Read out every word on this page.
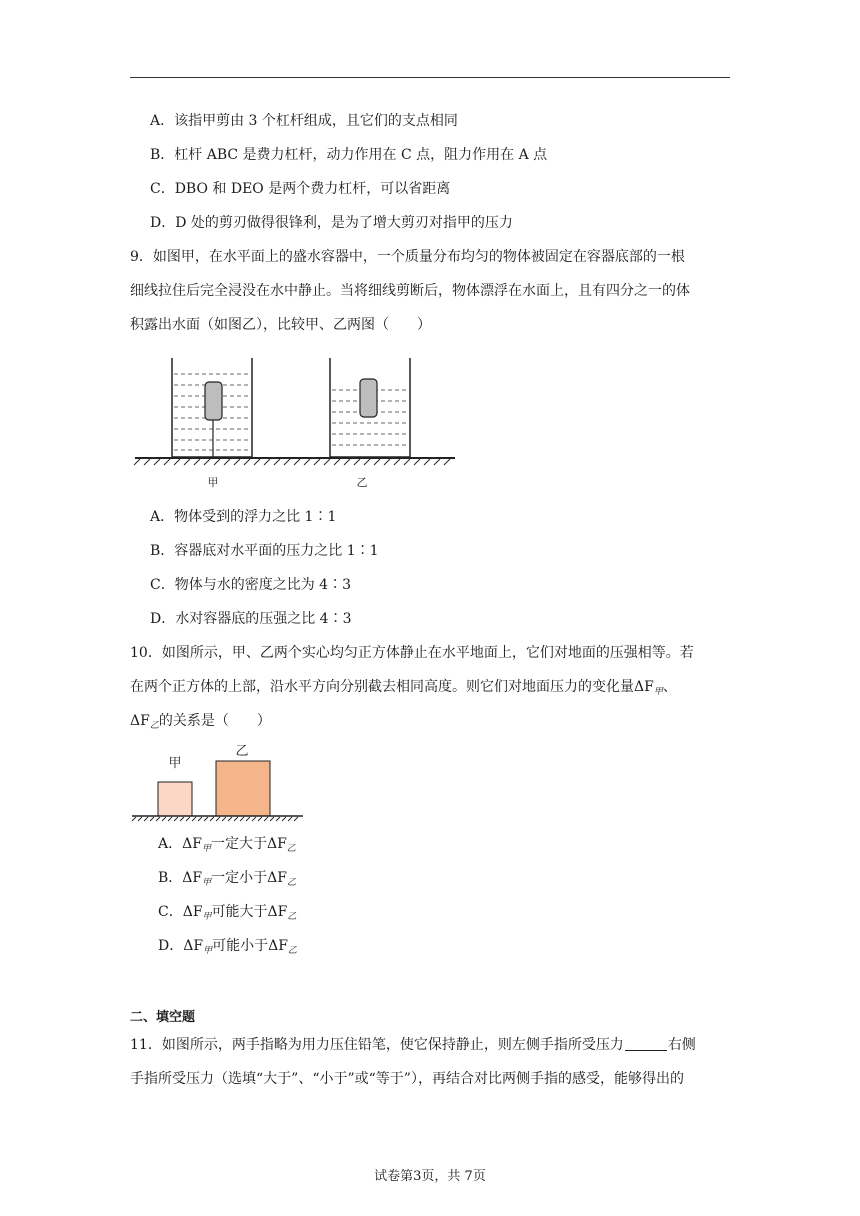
A．该指甲剪由 3 个杠杆组成，且它们的支点相同
B．杠杆 ABC 是费力杠杆，动力作用在 C 点，阻力作用在 A 点
C．DBO 和 DEO 是两个费力杠杆，可以省距离
D．D 处的剪刃做得很锋利，是为了增大剪刃对指甲的压力
9．如图甲，在水平面上的盛水容器中，一个质量分布均匀的物体被固定在容器底部的一根
细线拉住后完全浸没在水中静止。当将细线剪断后，物体漂浮在水面上，且有四分之一的体
积露出水面（如图乙），比较甲、乙两图（　　）
甲	乙
A．物体受到的浮力之比 1∶1
B．容器底对水平面的压力之比 1∶1
C．物体与水的密度之比为 4∶3
D．水对容器底的压强之比 4∶3
10．如图所示，甲、乙两个实心均匀正方体静止在水平地面上，它们对地面的压强相等。若
在两个正方体的上部，沿水平方向分别截去相同高度。则它们对地面压力的变化量$\Delta F_甲$、
$\Delta F_乙$的关系是（　　）
甲
乙
A．$\Delta F_甲$一定大于$\Delta F_乙$
B．$\Delta F_甲$一定小于$\Delta F_乙$
C．$\Delta F_甲$可能大于$\Delta F_乙$
D．$\Delta F_甲$可能小于$\Delta F_乙$
二、填空题
11．如图所示，两手指略为用力压住铅笔，使它保持静止，则左侧手指所受压力	右侧
手指所受压力（选填“大于”、“小于”或“等于”），再结合对比两侧手指的感受，能够得出的
试卷第3页，共 7页
